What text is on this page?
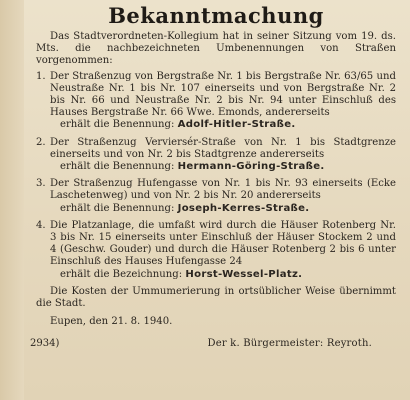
Bekanntmachung

Das Stadtverordneten-Kollegium hat in seiner Sitzung vom 19. ds. Mts. die nachbezeichneten Umbenennungen von Straßen vorgenommen:

1. Der Straßenzug von Bergstraße Nr. 1 bis Bergstraße Nr. 63/65 und Neustraße Nr. 1 bis Nr. 107 einerseits und von Bergstraße Nr. 2 bis Nr. 66 und Neustraße Nr. 2 bis Nr. 94 unter Einschluß des Hauses Bergstraße Nr. 66 Wwe. Emonds, andererseits

erhält die Benennung: Adolf-Hitler-Straße.

2. Der Straßenzug Verviersér-Straße von Nr. 1 bis Stadtgrenze einerseits und von Nr. 2 bis Stadtgrenze andererseits

erhält die Benennung: Hermann-Göring-Straße.

3. Der Straßenzug Hufengasse von Nr. 1 bis Nr. 93 einerseits (Ecke Laschetenweg) und von Nr. 2 bis Nr. 20 andererseits

erhält die Benennung: Joseph-Kerres-Straße.

4. Die Platzanlage, die umfaßt wird durch die Häuser Rotenberg Nr. 3 bis Nr. 15 einerseits unter Einschluß der Häuser Stockem 2 und 4 (Geschw. Gouder) und durch die Häuser Rotenberg 2 bis 6 unter Einschluß des Hauses Hufengasse 24

erhält die Bezeichnung: Horst-Wessel-Platz.

Die Kosten der Ummumerierung in ortsüblicher Weise übernimmt die Stadt.

Eupen, den 21. 8. 1940.
2934)	Der k. Bürgermeister: Reyroth.
